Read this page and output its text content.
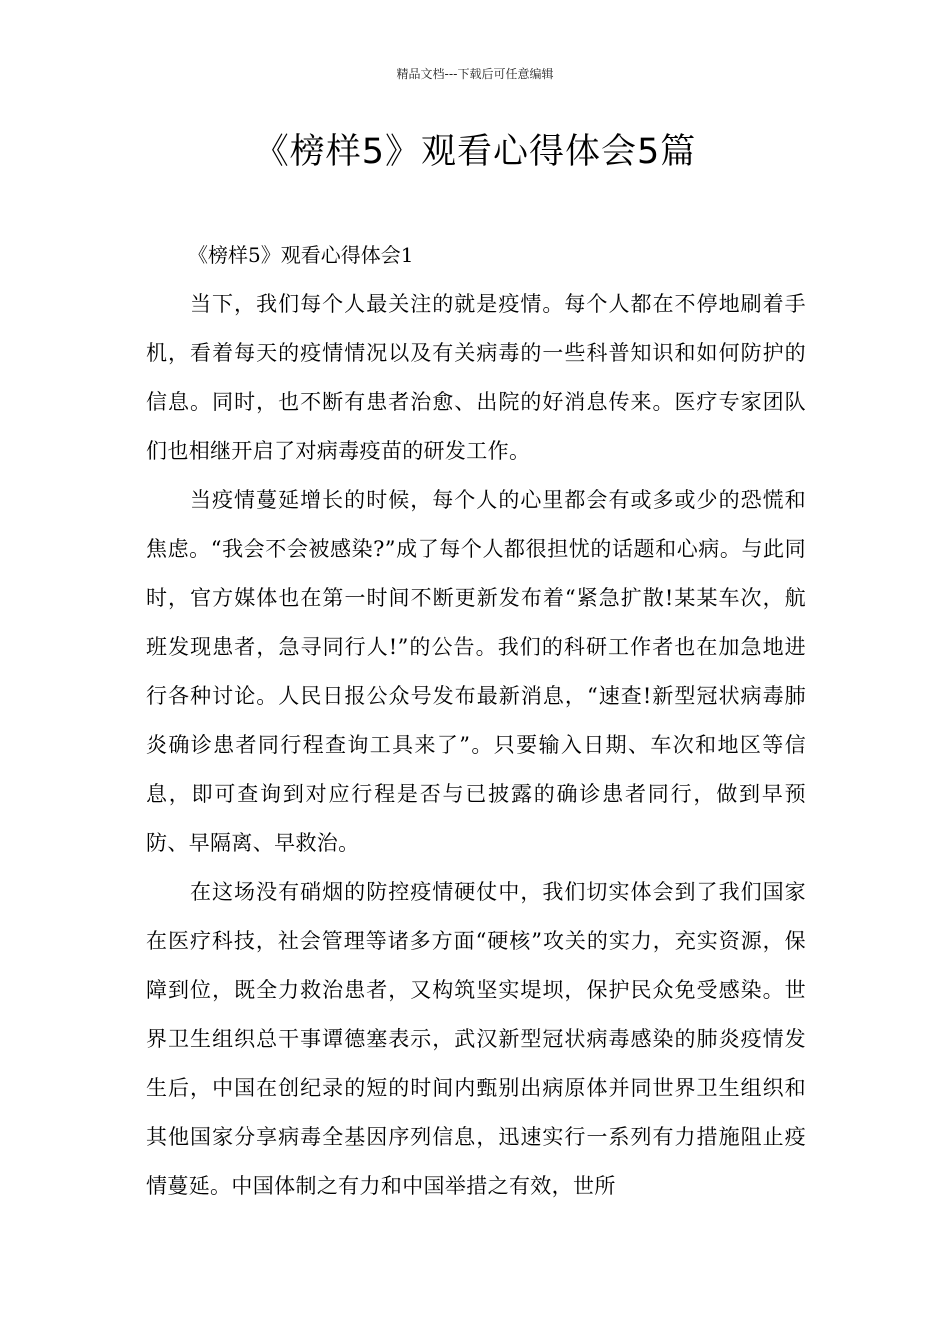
精品文档---下载后可任意编辑
《榜样5》观看心得体会5篇
《榜样5》观看心得体会1

当下，我们每个人最关注的就是疫情。每个人都在不停地刷着手机，看着每天的疫情情况以及有关病毒的一些科普知识和如何防护的信息。同时，也不断有患者治愈、出院的好消息传来。医疗专家团队们也相继开启了对病毒疫苗的研发工作。

当疫情蔓延增长的时候，每个人的心里都会有或多或少的恐慌和焦虑。“我会不会被感染?”成了每个人都很担忧的话题和心病。与此同时，官方媒体也在第一时间不断更新发布着“紧急扩散!某某车次，航班发现患者，急寻同行人!”的公告。我们的科研工作者也在加急地进行各种讨论。人民日报公众号发布最新消息，“速查!新型冠状病毒肺炎确诊患者同行程查询工具来了”。只要输入日期、车次和地区等信息，即可查询到对应行程是否与已披露的确诊患者同行，做到早预防、早隔离、早救治。

在这场没有硝烟的防控疫情硬仗中，我们切实体会到了我们国家在医疗科技，社会管理等诸多方面“硬核”攻关的实力，充实资源，保障到位，既全力救治患者，又构筑坚实堤坝，保护民众免受感染。世界卫生组织总干事谭德塞表示，武汉新型冠状病毒感染的肺炎疫情发生后，中国在创纪录的短的时间内甄别出病原体并同世界卫生组织和其他国家分享病毒全基因序列信息，迅速实行一系列有力措施阻止疫情蔓延。中国体制之有力和中国举措之有效，世所
